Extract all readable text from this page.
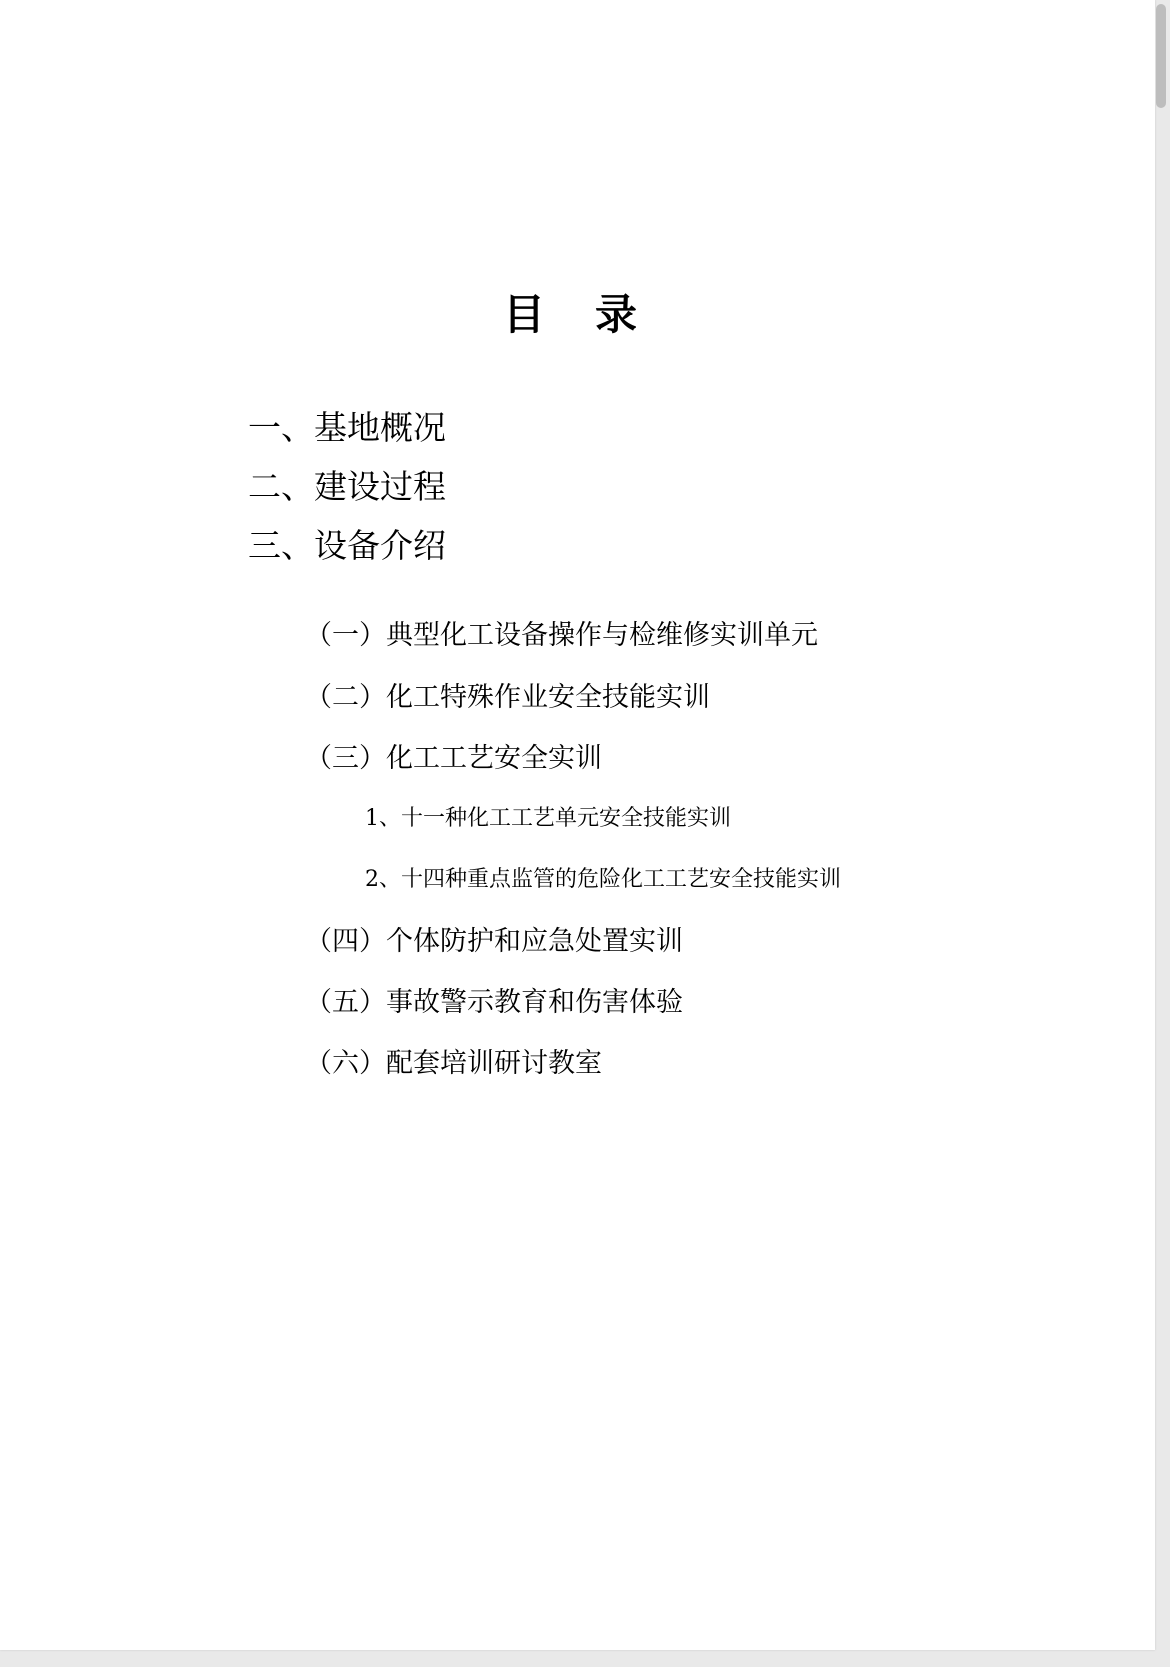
目录
一、基地概况
二、建设过程
三、设备介绍
（一）典型化工设备操作与检维修实训单元
（二）化工特殊作业安全技能实训
（三）化工工艺安全实训
1、十一种化工工艺单元安全技能实训
2、十四种重点监管的危险化工工艺安全技能实训
（四）个体防护和应急处置实训
（五）事故警示教育和伤害体验
（六）配套培训研讨教室
